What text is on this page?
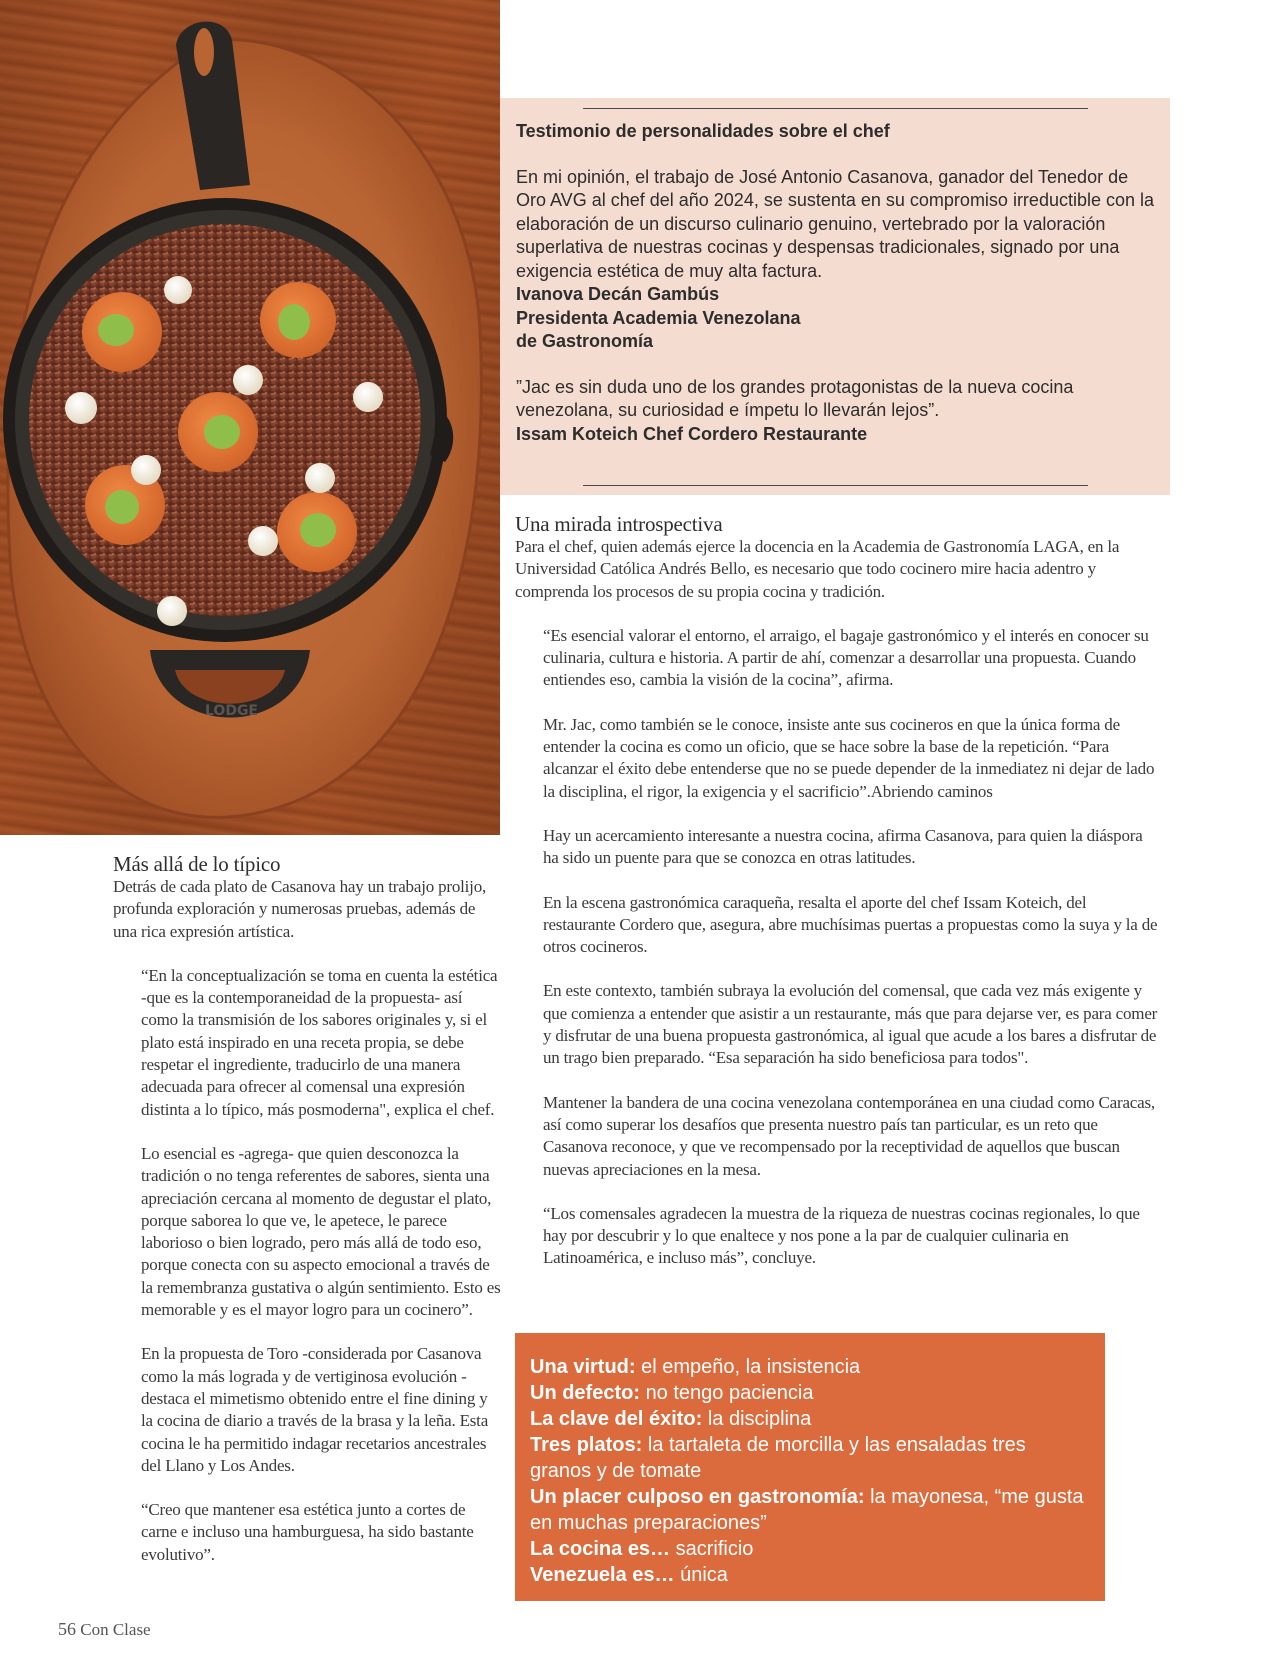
LODGE
Testimonio de personalidades sobre el chef

En mi opinión, el trabajo de José Antonio Casanova, ganador del Tenedor de Oro AVG al chef del año 2024, se sustenta en su compromiso irreductible con la elaboración de un discurso culinario genuino, vertebrado por la valoración superlativa de nuestras cocinas y despensas tradicionales, signado por una exigencia estética de muy alta factura.

Ivanova Decán Gambús

Presidenta Academia Venezolana

de Gastronomía

”Jac es sin duda uno de los grandes protagonistas de la nueva cocina venezolana, su curiosidad e ímpetu lo llevarán lejos”.

Issam Koteich Chef Cordero Restaurante

Una mirada introspectiva

Para el chef, quien además ejerce la docencia en la Academia de Gastronomía LAGA, en la Universidad Católica Andrés Bello, es necesario que todo cocinero mire hacia adentro y comprenda los procesos de su propia cocina y tradición.

“Es esencial valorar el entorno, el arraigo, el bagaje gastronómico y el interés en conocer su culinaria, cultura e historia. A partir de ahí, comenzar a desarrollar una propuesta. Cuando entiendes eso, cambia la visión de la cocina”, afirma.

Mr. Jac, como también se le conoce, insiste ante sus cocineros en que la única forma de entender la cocina es como un oficio, que se hace sobre la base de la repetición. “Para alcanzar el éxito debe entenderse que no se puede depender de la inmediatez ni dejar de lado la disciplina, el rigor, la exigencia y el sacrificio”.Abriendo caminos

Hay un acercamiento interesante a nuestra cocina, afirma Casanova, para quien la diáspora ha sido un puente para que se conozca en otras latitudes.

En la escena gastronómica caraqueña, resalta el aporte del chef Issam Koteich, del restaurante Cordero que, asegura, abre muchísimas puertas a propuestas como la suya y la de otros cocineros.

En este contexto, también subraya la evolución del comensal, que cada vez más exigente y que comienza a entender que asistir a un restaurante, más que para dejarse ver, es para comer y disfrutar de una buena propuesta gastronómica, al igual que acude a los bares a disfrutar de un trago bien preparado. “Esa separación ha sido beneficiosa para todos".

Mantener la bandera de una cocina venezolana contemporánea en una ciudad como Caracas, así como superar los desafíos que presenta nuestro país tan particular, es un reto que Casanova reconoce, y que ve recompensado por la receptividad de aquellos que buscan nuevas apreciaciones en la mesa.

“Los comensales agradecen la muestra de la riqueza de nuestras cocinas regionales, lo que hay por descubrir y lo que enaltece y nos pone a la par de cualquier culinaria en Latinoamérica, e incluso más”, concluye.

Más allá de lo típico

Detrás de cada plato de Casanova hay un trabajo prolijo, profunda exploración y numerosas pruebas, además de una rica expresión artística.

“En la conceptualización se toma en cuenta la estética -que es la contemporaneidad de la propuesta- así como la transmisión de los sabores originales y, si el plato está inspirado en una receta propia, se debe respetar el ingrediente, traducirlo de una manera adecuada para ofrecer al comensal una expresión distinta a lo típico, más posmoderna", explica el chef.

Lo esencial es -agrega- que quien desconozca la tradición o no tenga referentes de sabores, sienta una apreciación cercana al momento de degustar el plato, porque saborea lo que ve, le apetece, le parece laborioso o bien logrado, pero más allá de todo eso, porque conecta con su aspecto emocional a través de la remembranza gustativa o algún sentimiento. Esto es memorable y es el mayor logro para un cocinero”.

En la propuesta de Toro -considerada por Casanova como la más lograda y de vertiginosa evolución - destaca el mimetismo obtenido entre el fine dining y la cocina de diario a través de la brasa y la leña. Esta cocina le ha permitido indagar recetarios ancestrales del Llano y Los Andes.

“Creo que mantener esa estética junto a cortes de carne e incluso una hamburguesa, ha sido bastante evolutivo”.

Una virtud: el empeño, la insistencia

Un defecto: no tengo paciencia

La clave del éxito: la disciplina

Tres platos: la tartaleta de morcilla y las ensaladas tres granos y de tomate

Un placer culposo en gastronomía: la mayonesa, “me gusta en muchas preparaciones”

La cocina es… sacrificio

Venezuela es… única

56 Con Clase
